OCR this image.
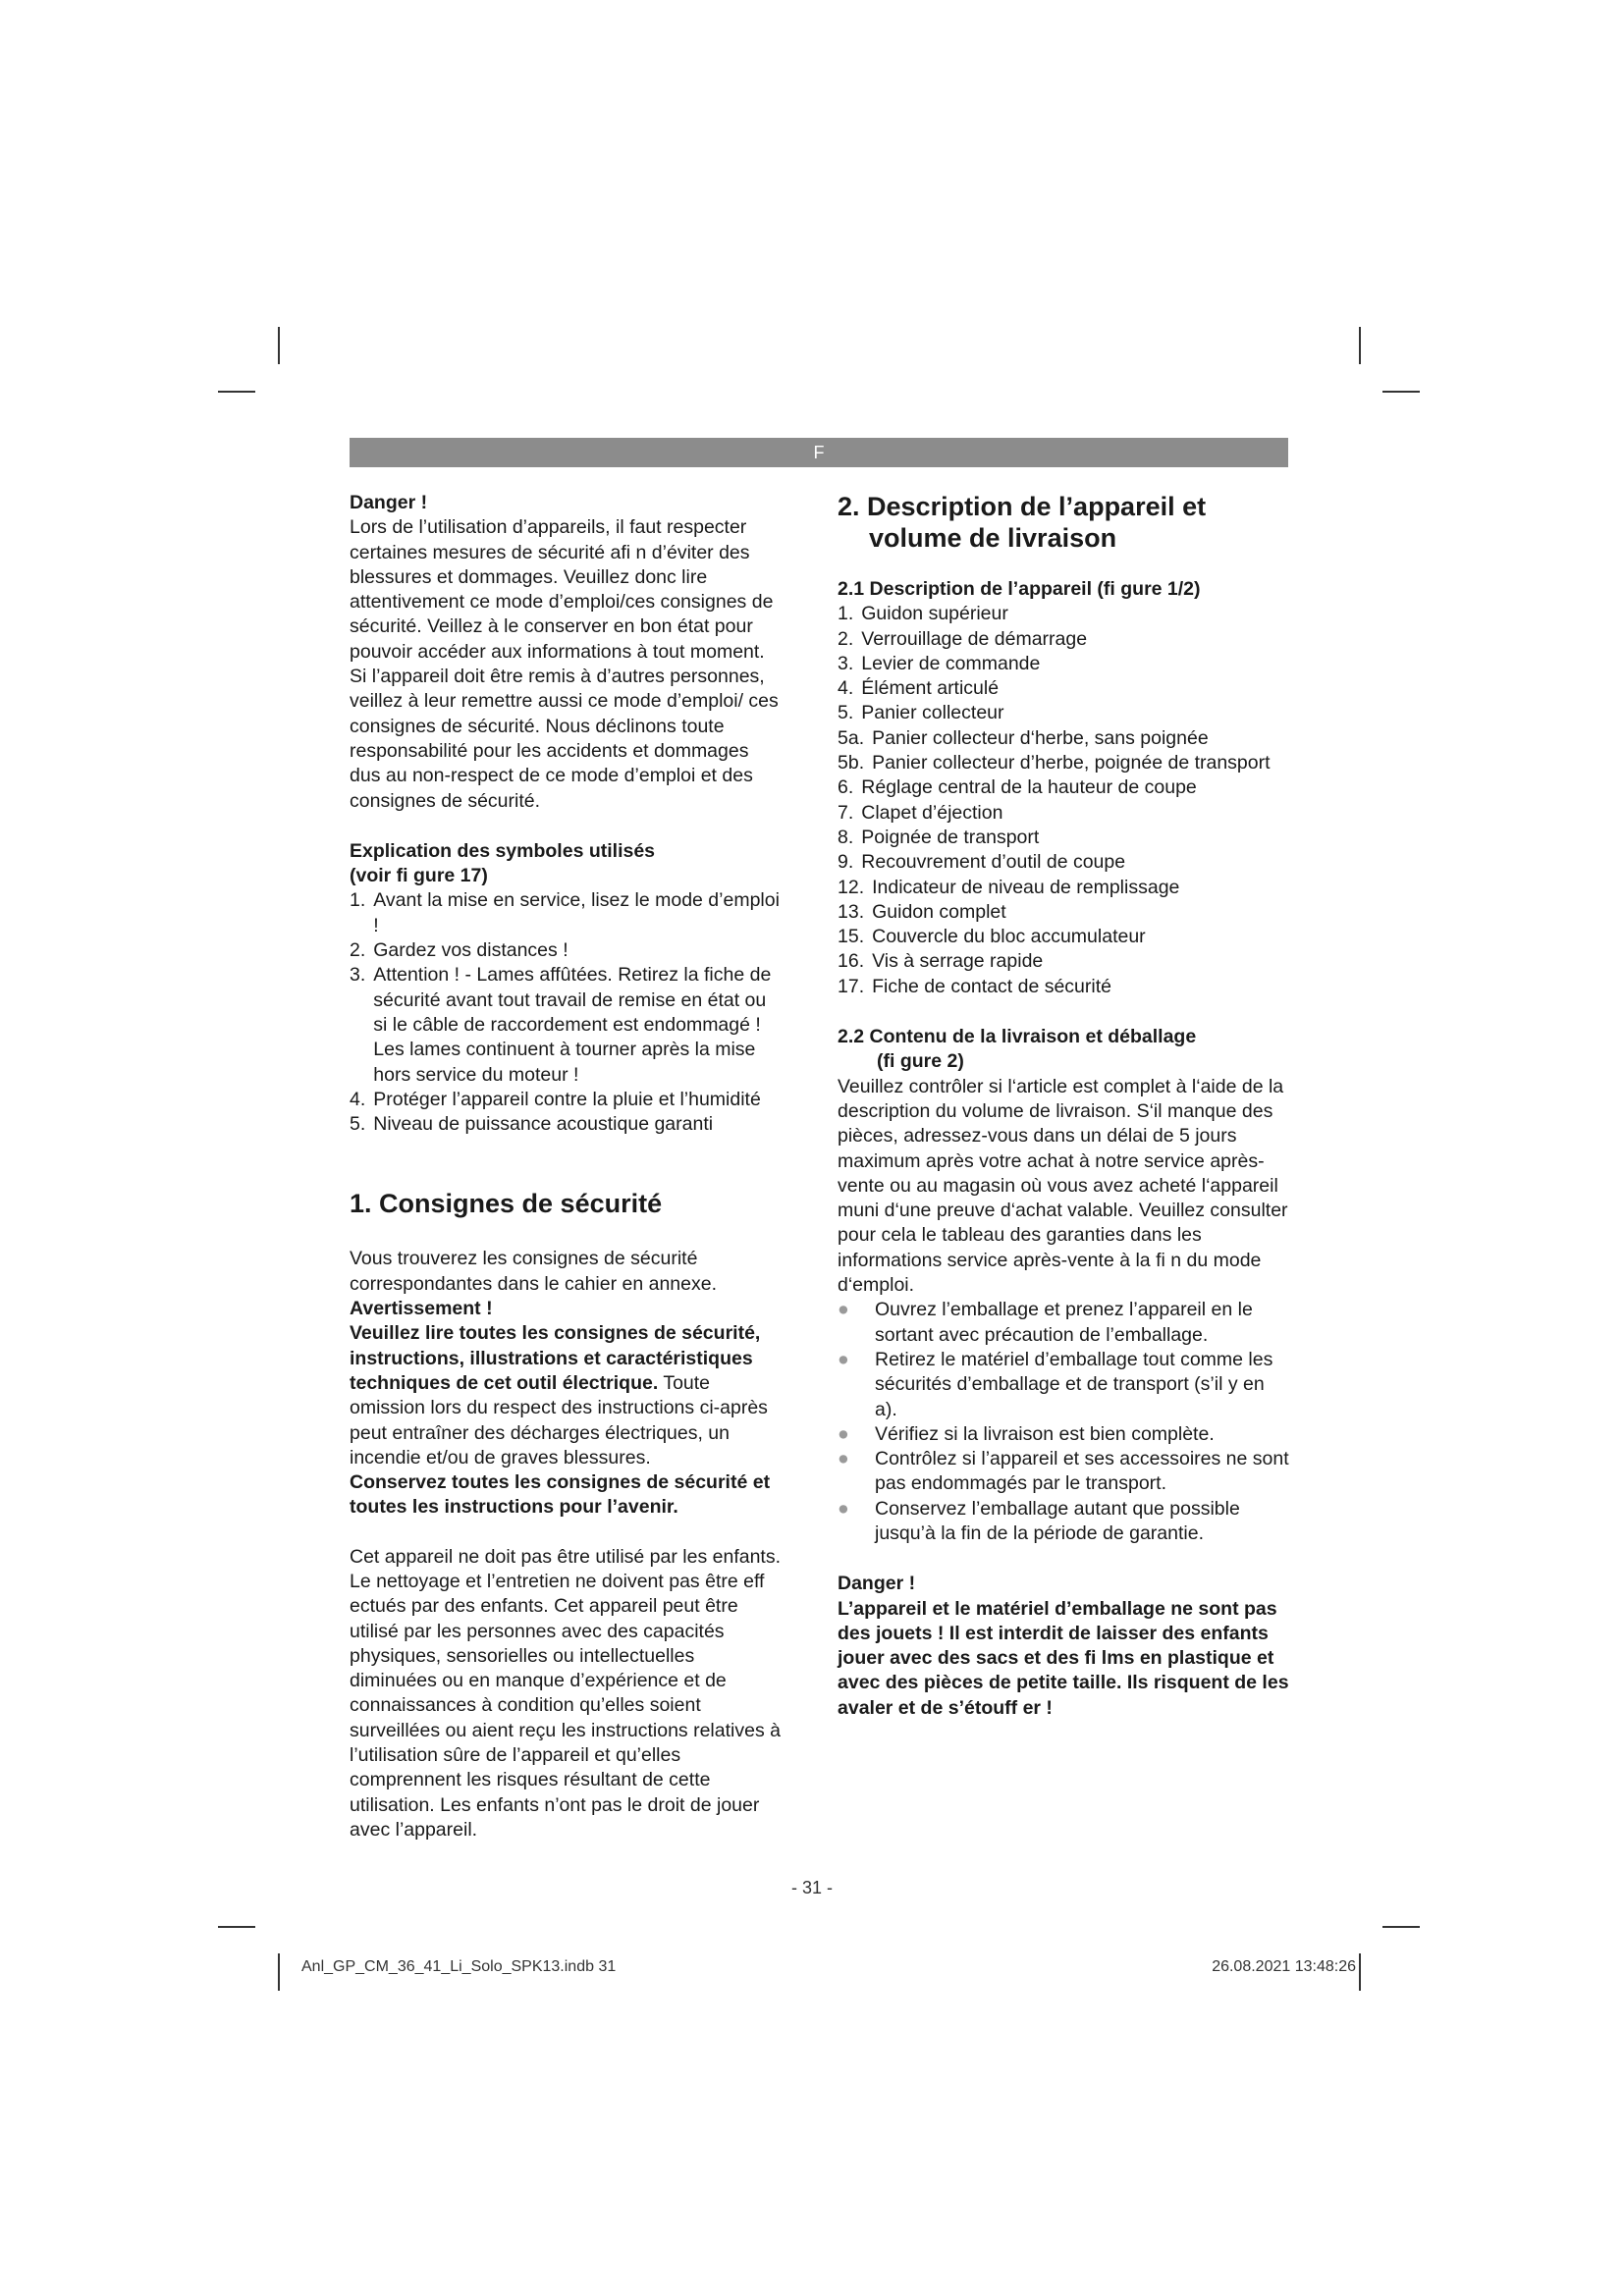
F

Danger !

Lors de l’utilisation d’appareils, il faut respecter certaines mesures de sécurité afi n d’éviter des blessures et dommages. Veuillez donc lire attentivement ce mode d’emploi/ces consignes de sécurité. Veillez à le conserver en bon état pour pouvoir accéder aux informations à tout moment. Si l’appareil doit être remis à d’autres personnes, veillez à leur remettre aussi ce mode d’emploi/ ces consignes de sécurité. Nous déclinons toute responsabilité pour les accidents et dommages dus au non-respect de ce mode d’emploi et des consignes de sécurité.

Explication des symboles utilisés

(voir fi gure 17)

1. Avant la mise en service, lisez le mode d’emploi !
2. Gardez vos distances !
3. Attention ! - Lames affûtées. Retirez la fiche de sécurité avant tout travail de remise en état ou si le câble de raccordement est endommagé ! Les lames continuent à tourner après la mise hors service du moteur !
4. Protéger l’appareil contre la pluie et l’humidité
5. Niveau de puissance acoustique garanti

1. Consignes de sécurité

Vous trouverez les consignes de sécurité correspondantes dans le cahier en annexe.

Avertissement !

Veuillez lire toutes les consignes de sécurité, instructions, illustrations et caractéristiques techniques de cet outil électrique. Toute omission lors du respect des instructions ci-après peut entraîner des décharges électriques, un incendie et/ou de graves blessures.

Conservez toutes les consignes de sécurité et toutes les instructions pour l’avenir.

Cet appareil ne doit pas être utilisé par les enfants. Le nettoyage et l’entretien ne doivent pas être eff ectués par des enfants. Cet appareil peut être utilisé par les personnes avec des capacités physiques, sensorielles ou intellectuelles diminuées ou en manque d’expérience et de connaissances à condition qu’elles soient surveillées ou aient reçu les instructions relatives à l’utilisation sûre de l’appareil et qu’elles comprennent les risques résultant de cette utilisation. Les enfants n’ont pas le droit de jouer avec l’appareil.

2. Description de l’appareil et

volume de livraison

2.1 Description de l’appareil (fi gure 1/2)

1. Guidon supérieur
2. Verrouillage de démarrage
3. Levier de commande
4. Élément articulé
5. Panier collecteur
5a. Panier collecteur d‘herbe, sans poignée
5b. Panier collecteur d’herbe, poignée de transport
6. Réglage central de la hauteur de coupe
7. Clapet d’éjection
8. Poignée de transport
9. Recouvrement d’outil de coupe
12. Indicateur de niveau de remplissage
13. Guidon complet
15. Couvercle du bloc accumulateur
16. Vis à serrage rapide
17. Fiche de contact de sécurité

2.2 Contenu de la livraison et déballage

(fi gure 2)

Veuillez contrôler si l‘article est complet à l‘aide de la description du volume de livraison. S‘il manque des pièces, adressez-vous dans un délai de 5 jours maximum après votre achat à notre service après-vente ou au magasin où vous avez acheté l‘appareil muni d‘une preuve d‘achat valable. Veuillez consulter pour cela le tableau des garanties dans les informations service après-vente à la fi n du mode d‘emploi.

●	Ouvrez l’emballage et prenez l’appareil en le sortant avec précaution de l’emballage.
●	Retirez le matériel d’emballage tout comme les sécurités d’emballage et de transport (s’il y en a).
●	Vérifiez si la livraison est bien complète.
●	Contrôlez si l’appareil et ses accessoires ne sont pas endommagés par le transport.
●	Conservez l’emballage autant que possible jusqu’à la fin de la période de garantie.

Danger !

L’appareil et le matériel d’emballage ne sont pas des jouets ! Il est interdit de laisser des enfants jouer avec des sacs et des fi lms en plastique et avec des pièces de petite taille. Ils risquent de les avaler et de s’étouff er !

- 31 -
Anl_GP_CM_36_41_Li_Solo_SPK13.indb 31	26.08.2021 13:48:26
